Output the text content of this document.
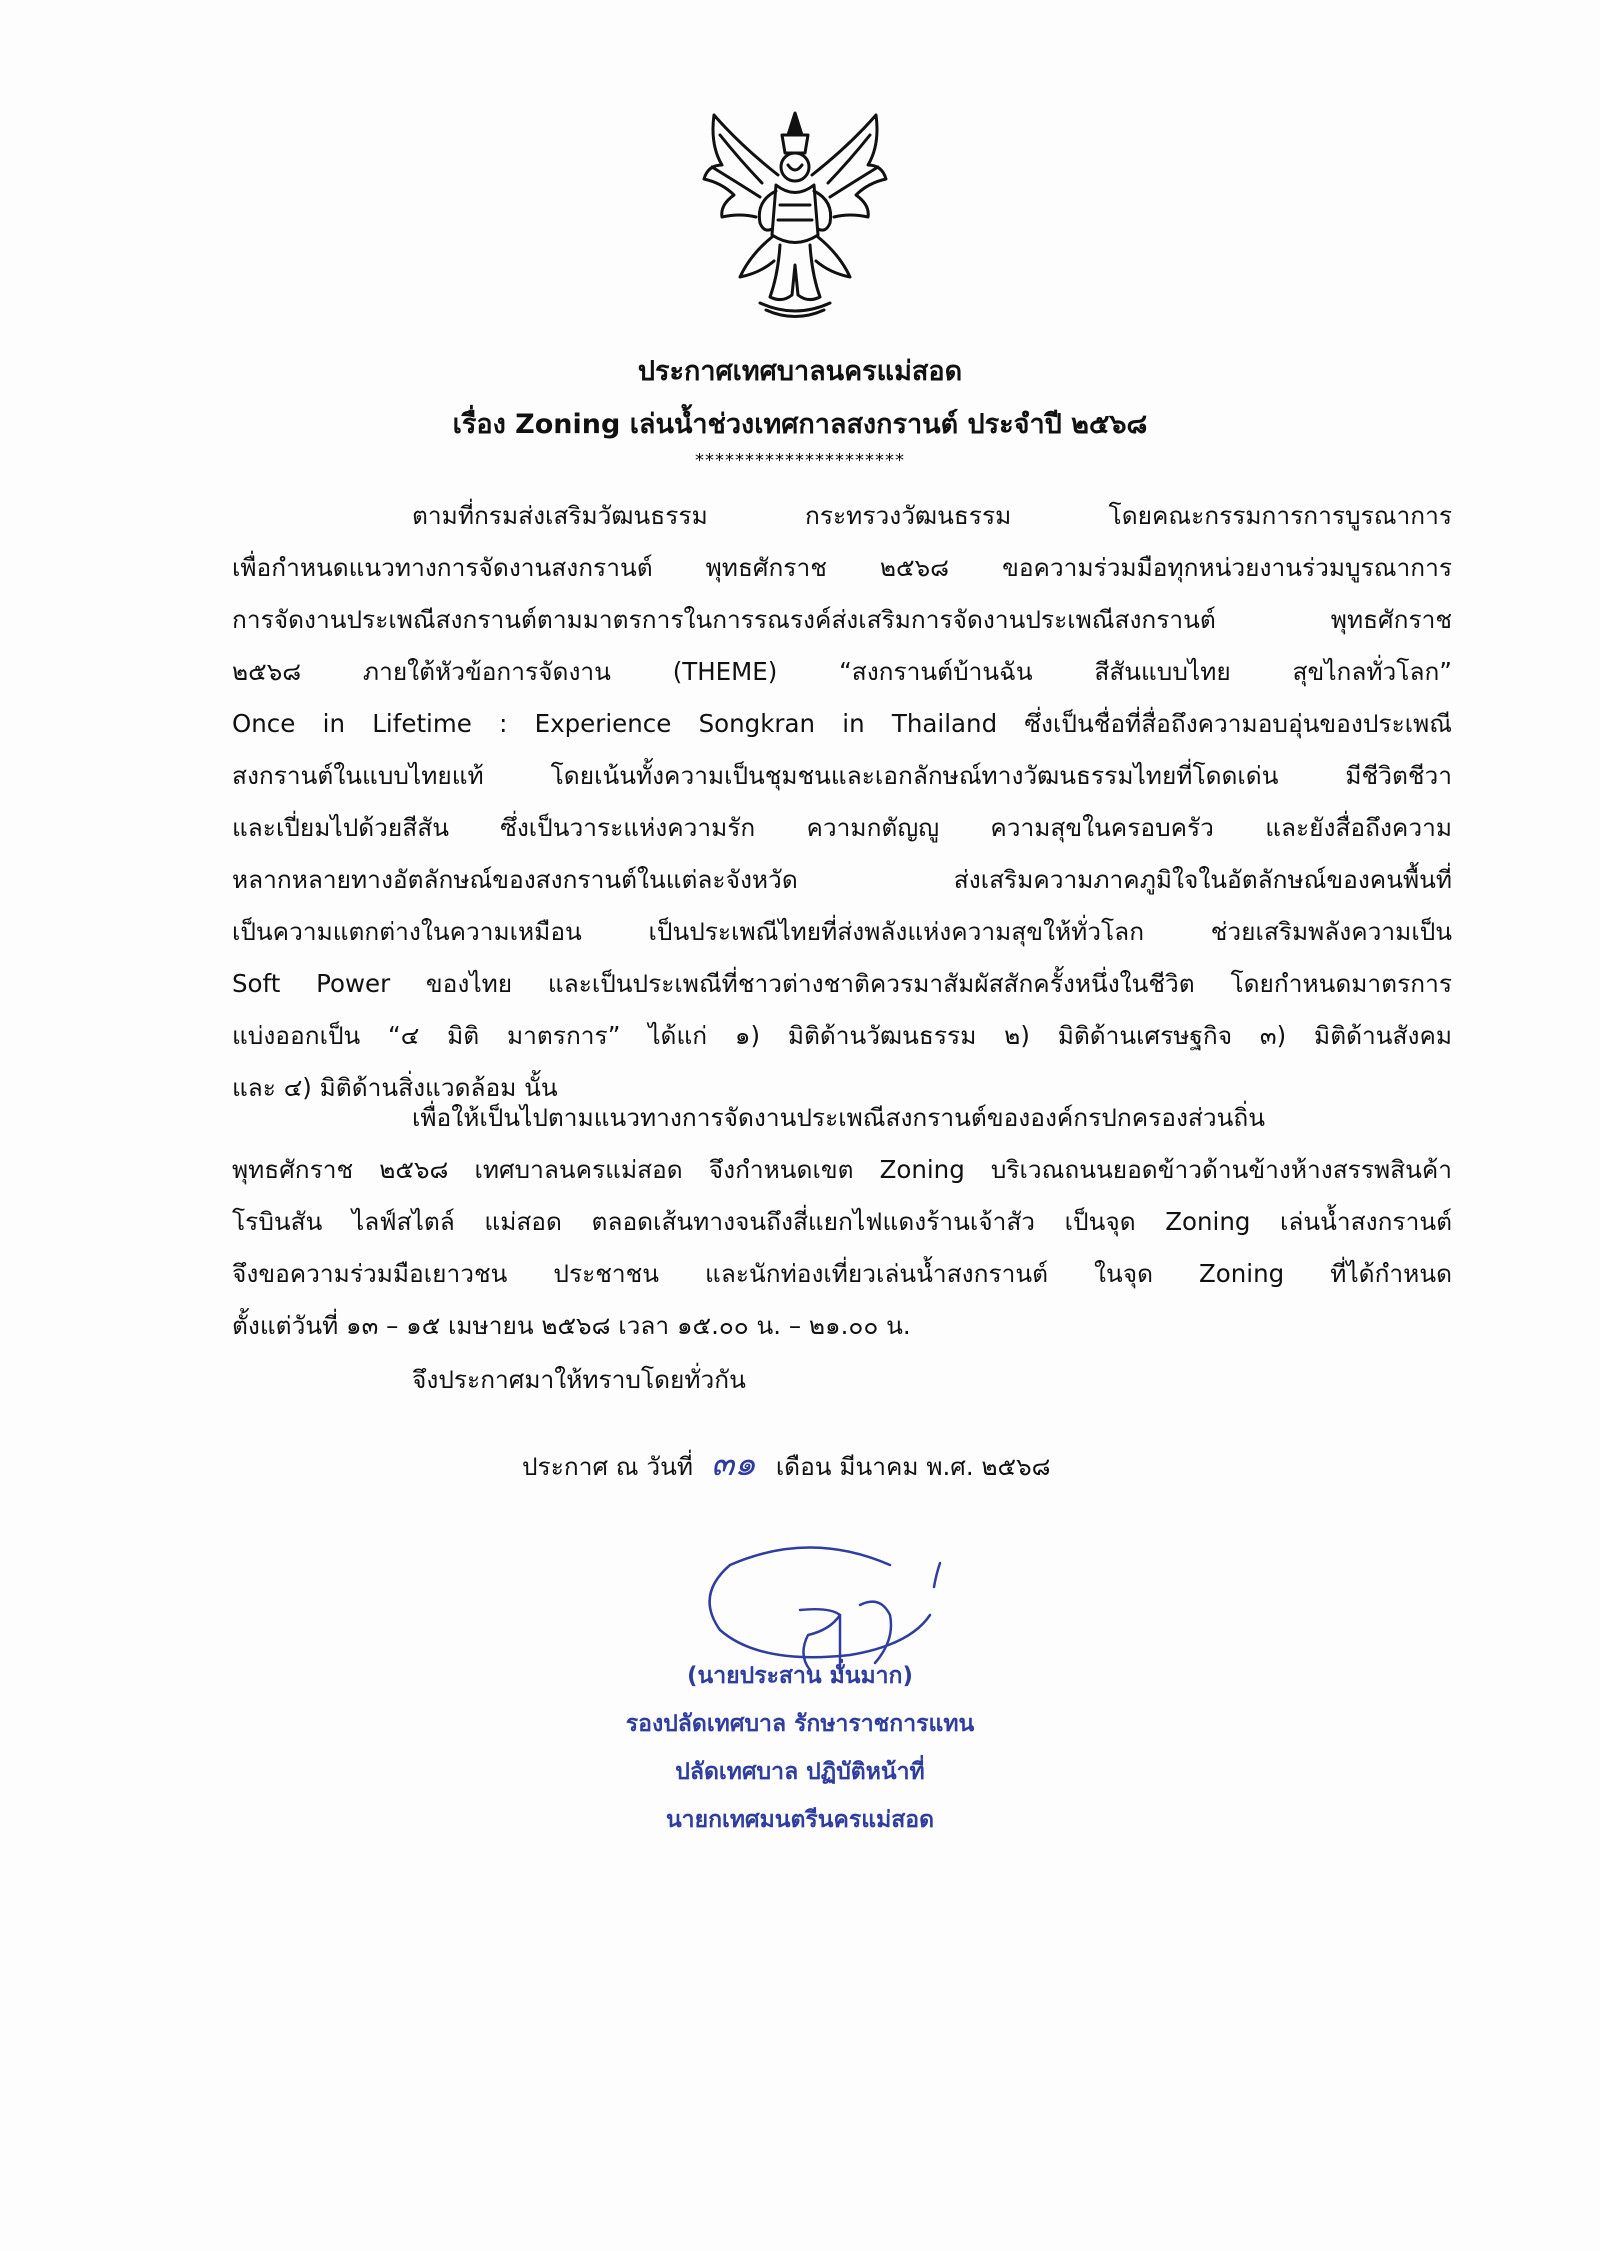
ประกาศเทศบาลนครแม่สอด
เรื่อง Zoning เล่นน้ำช่วงเทศกาลสงกรานต์ ประจำปี ๒๕๖๘
*********************
ตามที่กรมส่งเสริมวัฒนธรรม กระทรวงวัฒนธรรม โดยคณะกรรมการการบูรณาการ
เพื่อกำหนดแนวทางการจัดงานสงกรานต์ พุทธศักราช ๒๕๖๘ ขอความร่วมมือทุกหน่วยงานร่วมบูรณาการ
การจัดงานประเพณีสงกรานต์ตามมาตรการในการรณรงค์ส่งเสริมการจัดงานประเพณีสงกรานต์ พุทธศักราช
๒๕๖๘ ภายใต้หัวข้อการจัดงาน (THEME) “สงกรานต์บ้านฉัน สีสันแบบไทย สุขไกลทั่วโลก”
Once in Lifetime : Experience Songkran in Thailand ซึ่งเป็นชื่อที่สื่อถึงความอบอุ่นของประเพณี
สงกรานต์ในแบบไทยแท้ โดยเน้นทั้งความเป็นชุมชนและเอกลักษณ์ทางวัฒนธรรมไทยที่โดดเด่น มีชีวิตชีวา
และเปี่ยมไปด้วยสีสัน ซึ่งเป็นวาระแห่งความรัก ความกตัญญู ความสุขในครอบครัว และยังสื่อถึงความ
หลากหลายทางอัตลักษณ์ของสงกรานต์ในแต่ละจังหวัด ส่งเสริมความภาคภูมิใจในอัตลักษณ์ของคนพื้นที่
เป็นความแตกต่างในความเหมือน เป็นประเพณีไทยที่ส่งพลังแห่งความสุขให้ทั่วโลก ช่วยเสริมพลังความเป็น
Soft Power ของไทย และเป็นประเพณีที่ชาวต่างชาติควรมาสัมผัสสักครั้งหนึ่งในชีวิต โดยกำหนดมาตรการ
แบ่งออกเป็น “๔ มิติ มาตรการ” ได้แก่ ๑) มิติด้านวัฒนธรรม ๒) มิติด้านเศรษฐกิจ ๓) มิติด้านสังคม
และ ๔) มิติด้านสิ่งแวดล้อม นั้น
เพื่อให้เป็นไปตามแนวทางการจัดงานประเพณีสงกรานต์ขององค์กรปกครองส่วนถิ่น
พุทธศักราช ๒๕๖๘ เทศบาลนครแม่สอด จึงกำหนดเขต Zoning บริเวณถนนยอดข้าวด้านข้างห้างสรรพสินค้า
โรบินสัน ไลฟ์สไตล์ แม่สอด ตลอดเส้นทางจนถึงสี่แยกไฟแดงร้านเจ้าสัว เป็นจุด Zoning เล่นน้ำสงกรานต์
จึงขอความร่วมมือเยาวชน ประชาชน และนักท่องเที่ยวเล่นน้ำสงกรานต์ ในจุด Zoning ที่ได้กำหนด
ตั้งแต่วันที่ ๑๓ – ๑๕ เมษายน ๒๕๖๘ เวลา ๑๕.๐๐ น. – ๒๑.๐๐ น.
จึงประกาศมาให้ทราบโดยทั่วกัน
ประกาศ ณ วันที่ ๓๑ เดือน มีนาคม พ.ศ. ๒๕๖๘
(นายประสาน มั่นมาก)
รองปลัดเทศบาล รักษาราชการแทน
ปลัดเทศบาล ปฏิบัติหน้าที่
นายกเทศมนตรีนครแม่สอด
